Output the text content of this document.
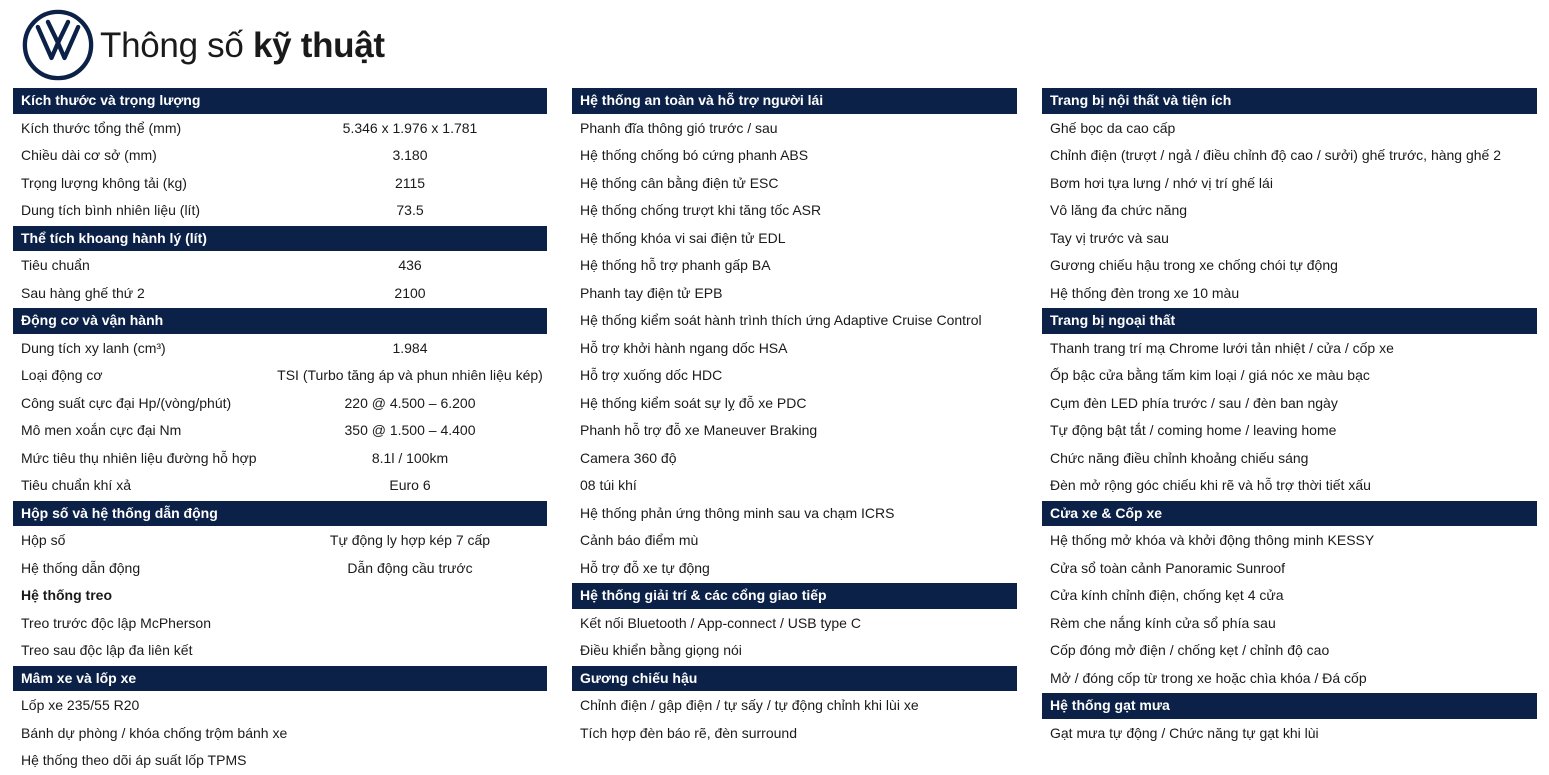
Thông số kỹ thuật
Kích thước và trọng lượng
Kích thước tổng thể (mm)	5.346 x 1.976 x 1.781
Chiều dài cơ sở (mm)	3.180
Trọng lượng không tải (kg)	2115
Dung tích bình nhiên liệu (lít)	73.5
Thể tích khoang hành lý (lít)
Tiêu chuẩn	436
Sau hàng ghế thứ 2	2100
Động cơ và vận hành
Dung tích xy lanh (cm³)	1.984
Loại động cơ	TSI (Turbo tăng áp và phun nhiên liệu kép)
Công suất cực đại Hp/(vòng/phút)	220 @ 4.500 – 6.200
Mô men xoắn cực đại Nm	350 @ 1.500 – 4.400
Mức tiêu thụ nhiên liệu đường hỗ hợp	8.1l / 100km
Tiêu chuẩn khí xả	Euro 6
Hộp số và hệ thống dẫn động
Hộp số	Tự động ly hợp kép 7 cấp
Hệ thống dẫn động	Dẫn động cầu trước
Hệ thống treo
Treo trước độc lập McPherson
Treo sau độc lập đa liên kết
Mâm xe và lốp xe
Lốp xe 235/55 R20
Bánh dự phòng / khóa chống trộm bánh xe
Hệ thống theo dõi áp suất lốp TPMS
Hệ thống an toàn và hỗ trợ người lái
Phanh đĩa thông gió trước / sau
Hệ thống chống bó cứng phanh ABS
Hệ thống cân bằng điện tử ESC
Hệ thống chống trượt khi tăng tốc ASR
Hệ thống khóa vi sai điện tử EDL
Hệ thống hỗ trợ phanh gấp BA
Phanh tay điện tử EPB
Hệ thống kiểm soát hành trình thích ứng Adaptive Cruise Control
Hỗ trợ khởi hành ngang dốc HSA
Hỗ trợ xuống dốc HDC
Hệ thống kiểm soát sự lỵ đỗ xe PDC
Phanh hỗ trợ đỗ xe Maneuver Braking
Camera 360 độ
08 túi khí
Hệ thống phản ứng thông minh sau va chạm ICRS
Cảnh báo điểm mù
Hỗ trợ đỗ xe tự động
Hệ thống giải trí & các cổng giao tiếp
Kết nối Bluetooth / App-connect / USB type C
Điều khiển bằng giọng nói
Gương chiếu hậu
Chỉnh điện / gập điện / tự sấy / tự động chỉnh khi lùi xe
Tích hợp đèn báo rẽ, đèn surround
Trang bị nội thất và tiện ích
Ghế bọc da cao cấp
Chỉnh điện (trượt / ngả / điều chỉnh độ cao / sưởi) ghế trước, hàng ghế 2
Bơm hơi tựa lưng / nhớ vị trí ghế lái
Vô lăng đa chức năng
Tay vị trước và sau
Gương chiếu hậu trong xe chống chói tự động
Hệ thống đèn trong xe 10 màu
Trang bị ngoại thất
Thanh trang trí mạ Chrome lưới tản nhiệt / cửa / cốp xe
Ốp bậc cửa bằng tấm kim loại / giá nóc xe màu bạc
Cụm đèn LED phía trước / sau / đèn ban ngày
Tự động bật tắt / coming home / leaving home
Chức năng điều chỉnh khoảng chiếu sáng
Đèn mở rộng góc chiếu khi rẽ và hỗ trợ thời tiết xấu
Cửa xe & Cốp xe
Hệ thống mở khóa và khởi động thông minh KESSY
Cửa sổ toàn cảnh Panoramic Sunroof
Cửa kính chỉnh điện, chống kẹt 4 cửa
Rèm che nắng kính cửa sổ phía sau
Cốp đóng mở điện / chống kẹt / chỉnh độ cao
Mở / đóng cốp từ trong xe hoặc chìa khóa / Đá cốp
Hệ thống gạt mưa
Gạt mưa tự động / Chức năng tự gạt khi lùi
